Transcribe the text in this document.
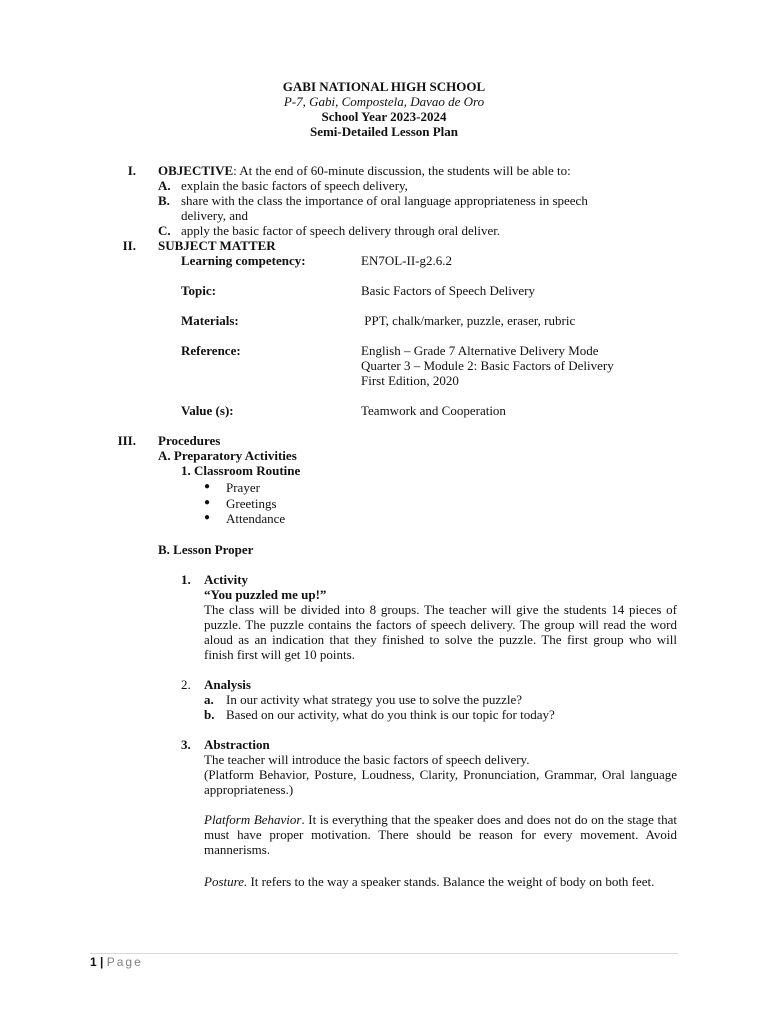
GABI NATIONAL HIGH SCHOOL
P-7, Gabi, Compostela, Davao de Oro
School Year 2023-2024
Semi-Detailed Lesson Plan
I. OBJECTIVE: At the end of 60-minute discussion, the students will be able to:
A. explain the basic factors of speech delivery,
B. share with the class the importance of oral language appropriateness in speech
delivery, and
C. apply the basic factor of speech delivery through oral deliver.
II. SUBJECT MATTER
Learning competency:	EN7OL-II-g2.6.2
Topic:	Basic Factors of Speech Delivery
Materials:	PPT, chalk/marker, puzzle, eraser, rubric
Reference:	English – Grade 7 Alternative Delivery Mode
Quarter 3 – Module 2: Basic Factors of Delivery
First Edition, 2020
Value (s):	Teamwork and Cooperation
III. Procedures
A. Preparatory Activities
1. Classroom Routine
● Prayer
● Greetings
● Attendance
B. Lesson Proper
1. Activity
“You puzzled me up!”
The class will be divided into 8 groups. The teacher will give the students 14 pieces of puzzle. The puzzle contains the factors of speech delivery. The group will read the word aloud as an indication that they finished to solve the puzzle. The first group who will finish first will get 10 points.
2. Analysis
a. In our activity what strategy you use to solve the puzzle?
b. Based on our activity, what do you think is our topic for today?
3. Abstraction
The teacher will introduce the basic factors of speech delivery.
(Platform Behavior, Posture, Loudness, Clarity, Pronunciation, Grammar, Oral language appropriateness.)
Platform Behavior. It is everything that the speaker does and does not do on the stage that must have proper motivation. There should be reason for every movement. Avoid mannerisms.
Posture. It refers to the way a speaker stands. Balance the weight of body on both feet.
1 | Page
